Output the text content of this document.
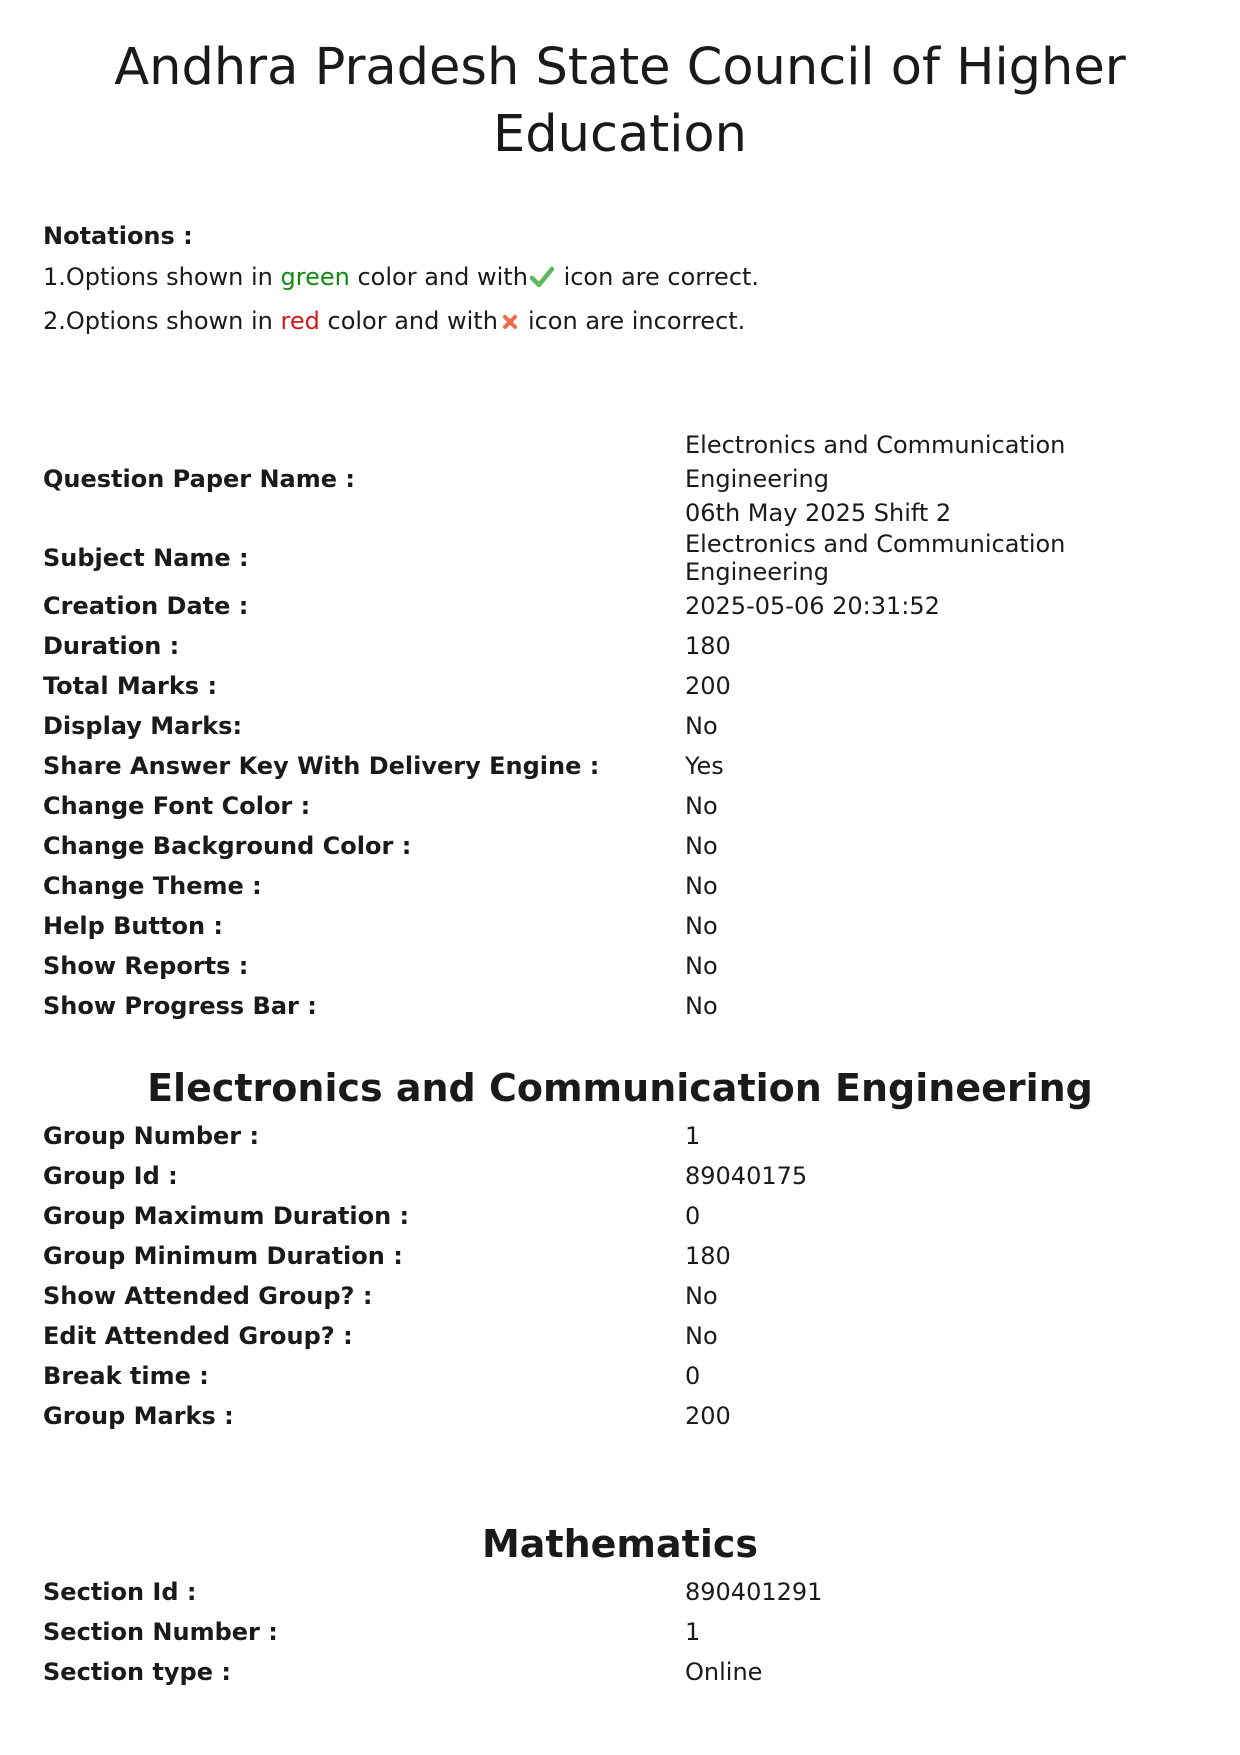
Andhra Pradesh State Council of Higher Education
Notations :
1.Options shown in green color and with icon are correct.
2.Options shown in red color and with icon are incorrect.
Question Paper Name :	Electronics and Communication Engineering
06th May 2025 Shift 2

Subject Name :	Electronics and Communication Engineering
Creation Date :	2025-05-06 20:31:52
Duration :	180
Total Marks :	200
Display Marks:	No
Share Answer Key With Delivery Engine :	Yes
Change Font Color :	No
Change Background Color :	No
Change Theme :	No
Help Button :	No
Show Reports :	No
Show Progress Bar :	No
Electronics and Communication Engineering
Group Number :	1
Group Id :	89040175
Group Maximum Duration :	0
Group Minimum Duration :	180
Show Attended Group? :	No
Edit Attended Group? :	No
Break time :	0
Group Marks :	200
Mathematics
Section Id :	890401291
Section Number :	1
Section type :	Online
